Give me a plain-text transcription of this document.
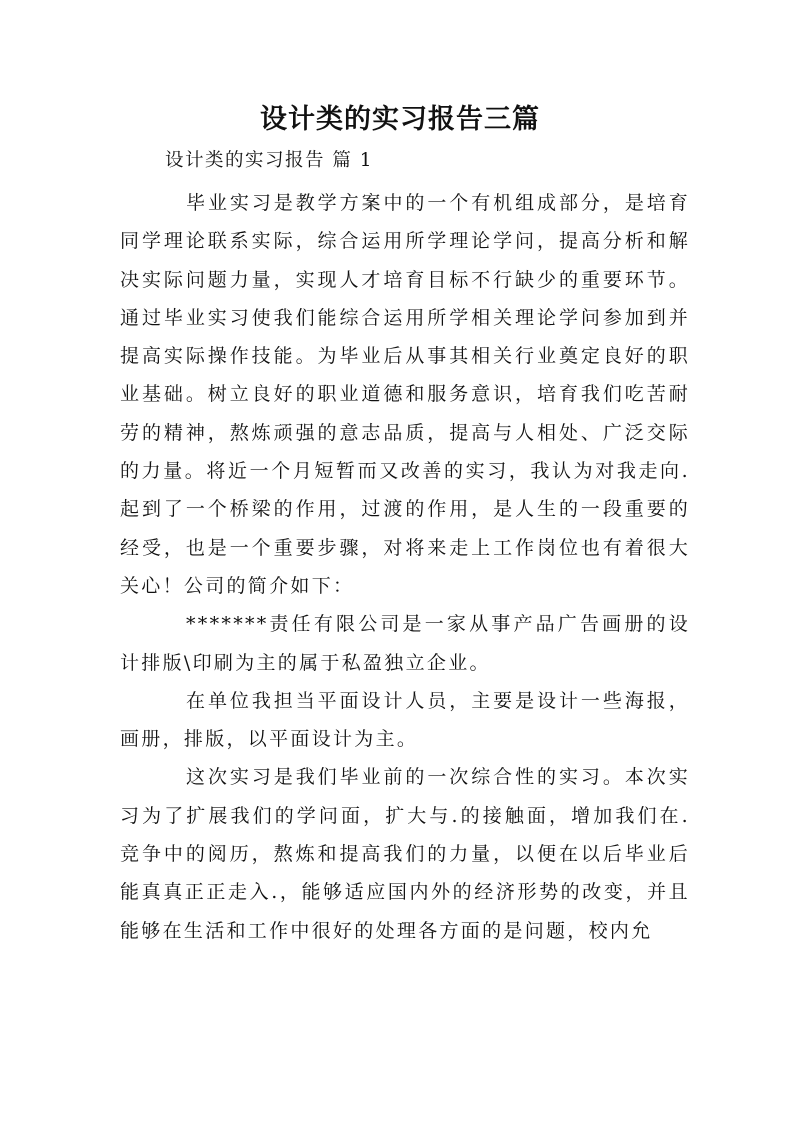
设计类的实习报告三篇

设计类的实习报告 篇 1

毕业实习是教学方案中的一个有机组成部分，是培育同学理论联系实际，综合运用所学理论学问，提高分析和解决实际问题力量，实现人才培育目标不行缺少的重要环节。通过毕业实习使我们能综合运用所学相关理论学问参加到并提高实际操作技能。为毕业后从事其相关行业奠定良好的职业基础。树立良好的职业道德和服务意识，培育我们吃苦耐劳的精神，熬炼顽强的意志品质，提高与人相处、广泛交际的力量。将近一个月短暂而又改善的实习，我认为对我走向.起到了一个桥梁的作用，过渡的作用，是人生的一段重要的经受，也是一个重要步骤，对将来走上工作岗位也有着很大关心！公司的简介如下：

*******责任有限公司是一家从事产品广告画册的设计排版\印刷为主的属于私盈独立企业。

在单位我担当平面设计人员，主要是设计一些海报，画册，排版，以平面设计为主。

这次实习是我们毕业前的一次综合性的实习。本次实习为了扩展我们的学问面，扩大与.的接触面，增加我们在.竞争中的阅历，熬炼和提高我们的力量，以便在以后毕业后能真真正正走入.，能够适应国内外的经济形势的改变，并且能够在生活和工作中很好的处理各方面的是问题，校内允
